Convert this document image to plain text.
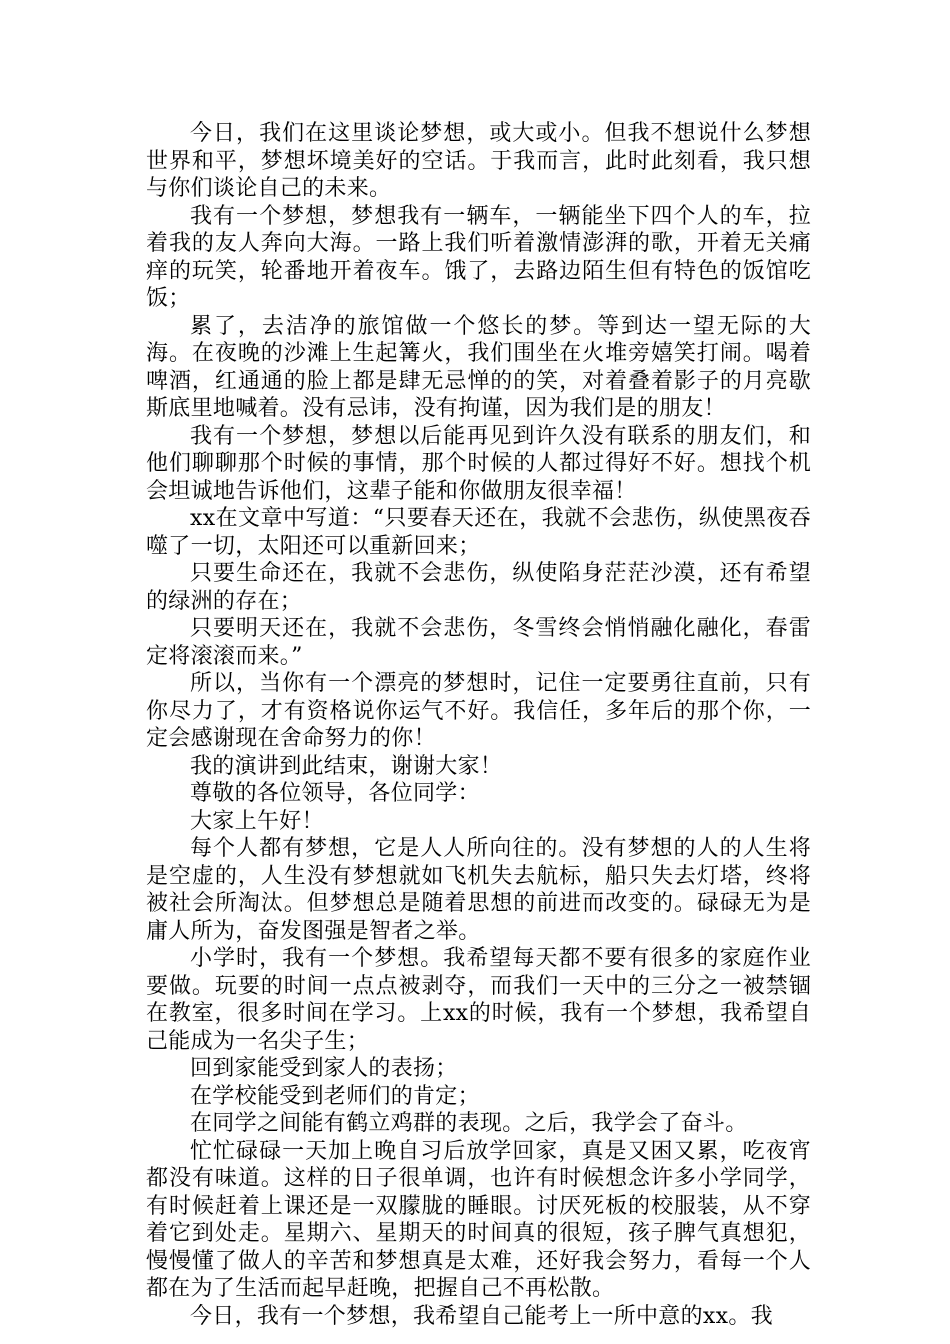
今日，我们在这里谈论梦想，或大或小。但我不想说什么梦想世界和平，梦想坏境美好的空话。于我而言，此时此刻看，我只想与你们谈论自己的未来。

我有一个梦想，梦想我有一辆车，一辆能坐下四个人的车，拉着我的友人奔向大海。一路上我们听着激情澎湃的歌，开着无关痛痒的玩笑，轮番地开着夜车。饿了，去路边陌生但有特色的饭馆吃饭；

累了，去洁净的旅馆做一个悠长的梦。等到达一望无际的大海。在夜晚的沙滩上生起篝火，我们围坐在火堆旁嬉笑打闹。喝着啤酒，红通通的脸上都是肆无忌惮的的笑，对着叠着影子的月亮歇斯底里地喊着。没有忌讳，没有拘谨，因为我们是的朋友！

我有一个梦想，梦想以后能再见到许久没有联系的朋友们，和他们聊聊那个时候的事情，那个时候的人都过得好不好。想找个机会坦诚地告诉他们，这辈子能和你做朋友很幸福！

xx在文章中写道：“只要春天还在，我就不会悲伤，纵使黑夜吞噬了一切，太阳还可以重新回来；

只要生命还在，我就不会悲伤，纵使陷身茫茫沙漠，还有希望的绿洲的存在；

只要明天还在，我就不会悲伤，冬雪终会悄悄融化融化，春雷定将滚滚而来。”

所以，当你有一个漂亮的梦想时，记住一定要勇往直前，只有你尽力了，才有资格说你运气不好。我信任，多年后的那个你，一定会感谢现在舍命努力的你！

我的演讲到此结束，谢谢大家！

尊敬的各位领导，各位同学：

大家上午好！

每个人都有梦想，它是人人所向往的。没有梦想的人的人生将是空虚的，人生没有梦想就如飞机失去航标，船只失去灯塔，终将被社会所淘汰。但梦想总是随着思想的前进而改变的。碌碌无为是庸人所为，奋发图强是智者之举。

小学时，我有一个梦想。我希望每天都不要有很多的家庭作业要做。玩要的时间一点点被剥夺，而我们一天中的三分之一被禁锢在教室，很多时间在学习。上xx的时候，我有一个梦想，我希望自己能成为一名尖子生；

回到家能受到家人的表扬；

在学校能受到老师们的肯定；

在同学之间能有鹤立鸡群的表现。之后，我学会了奋斗。

忙忙碌碌一天加上晚自习后放学回家，真是又困又累，吃夜宵都没有味道。这样的日子很单调，也许有时候想念许多小学同学，有时候赶着上课还是一双朦胧的睡眼。讨厌死板的校服装，从不穿着它到处走。星期六、星期天的时间真的很短，孩子脾气真想犯，慢慢懂了做人的辛苦和梦想真是太难，还好我会努力，看每一个人都在为了生活而起早赶晚，把握自己不再松散。

今日，我有一个梦想，我希望自己能考上一所中意的xx。我
